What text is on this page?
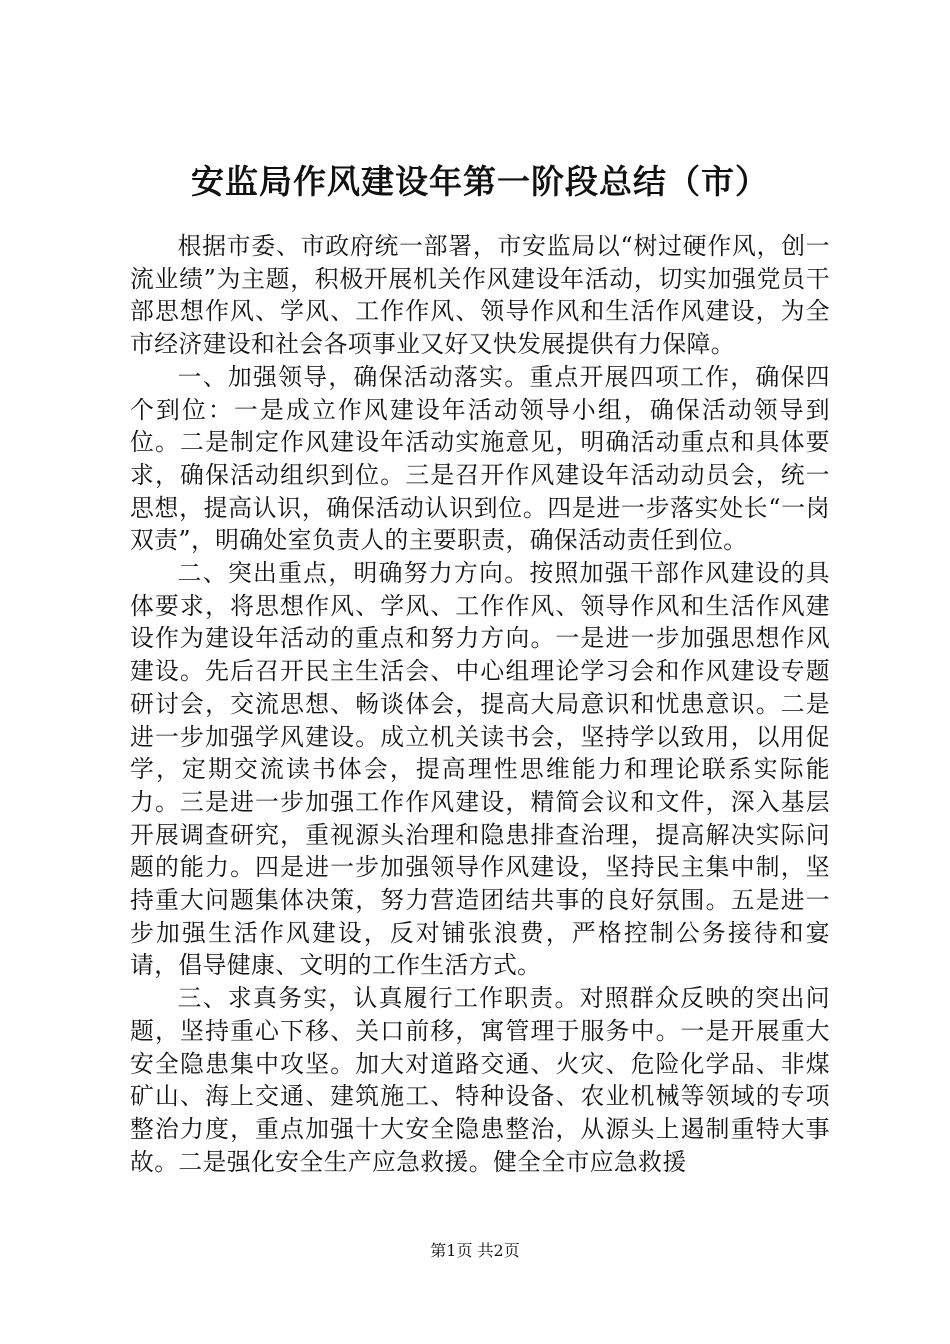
安监局作风建设年第一阶段总结（市）

根据市委、市政府统一部署，市安监局以“树过硬作风，创一流业绩”为主题，积极开展机关作风建设年活动，切实加强党员干部思想作风、学风、工作作风、领导作风和生活作风建设，为全市经济建设和社会各项事业又好又快发展提供有力保障。

一、加强领导，确保活动落实。重点开展四项工作，确保四个到位：一是成立作风建设年活动领导小组，确保活动领导到位。二是制定作风建设年活动实施意见，明确活动重点和具体要求，确保活动组织到位。三是召开作风建设年活动动员会，统一思想，提高认识，确保活动认识到位。四是进一步落实处长“一岗双责”，明确处室负责人的主要职责，确保活动责任到位。

二、突出重点，明确努力方向。按照加强干部作风建设的具体要求，将思想作风、学风、工作作风、领导作风和生活作风建设作为建设年活动的重点和努力方向。一是进一步加强思想作风建设。先后召开民主生活会、中心组理论学习会和作风建设专题研讨会，交流思想、畅谈体会，提高大局意识和忧患意识。二是进一步加强学风建设。成立机关读书会，坚持学以致用，以用促学，定期交流读书体会，提高理性思维能力和理论联系实际能力。三是进一步加强工作作风建设，精简会议和文件，深入基层开展调查研究，重视源头治理和隐患排查治理，提高解决实际问题的能力。四是进一步加强领导作风建设，坚持民主集中制，坚持重大问题集体决策，努力营造团结共事的良好氛围。五是进一步加强生活作风建设，反对铺张浪费，严格控制公务接待和宴请，倡导健康、文明的工作生活方式。

三、求真务实，认真履行工作职责。对照群众反映的突出问题，坚持重心下移、关口前移，寓管理于服务中。一是开展重大安全隐患集中攻坚。加大对道路交通、火灾、危险化学品、非煤矿山、海上交通、建筑施工、特种设备、农业机械等领域的专项整治力度，重点加强十大安全隐患整治，从源头上遏制重特大事故。二是强化安全生产应急救援。健全全市应急救援

第1页 共2页
